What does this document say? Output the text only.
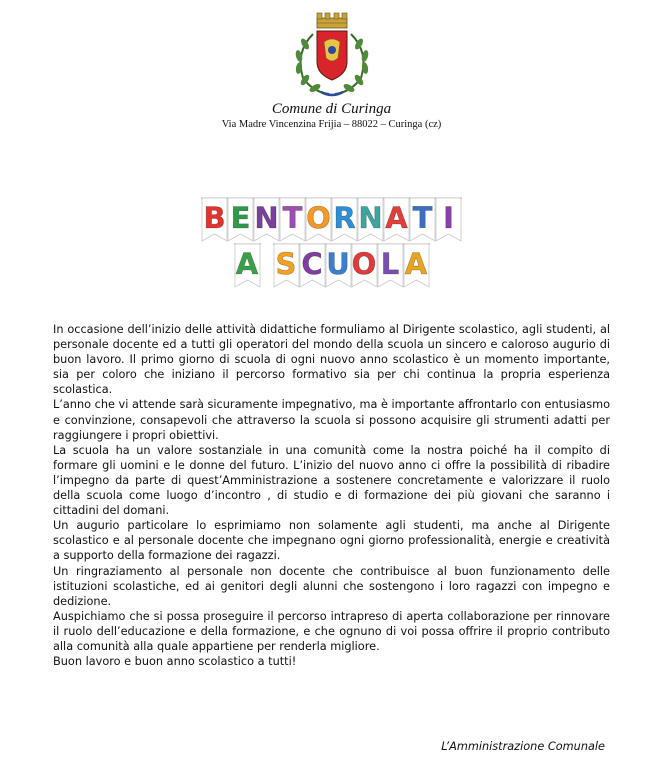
Comune di Curinga
Via Madre Vincenzina Frijia – 88022 – Curinga (cz)
B E N T O R N A T I
A S C U O L A

In occasione dell’inizio delle attività didattiche formuliamo al Dirigente scolastico, agli studenti, al personale docente ed a tutti gli operatori del mondo della scuola un sincero e caloroso augurio di buon lavoro. Il primo giorno di scuola di ogni nuovo anno scolastico è un momento importante, sia per coloro che iniziano il percorso formativo sia per chi continua la propria esperienza scolastica.

L’anno che vi attende sarà sicuramente impegnativo, ma è importante affrontarlo con entusiasmo e convinzione, consapevoli che attraverso la scuola si possono acquisire gli strumenti adatti per raggiungere i propri obiettivi.

La scuola ha un valore sostanziale in una comunità come la nostra poiché ha il compito di formare gli uomini e le donne del futuro. L’inizio del nuovo anno ci offre la possibilità di ribadire l’impegno da parte di quest’Amministrazione a sostenere concretamente e valorizzare il ruolo della scuola come luogo d’incontro , di studio e di formazione dei più giovani che saranno i cittadini del domani.

Un augurio particolare lo esprimiamo non solamente agli studenti, ma anche al Dirigente scolastico e al personale docente che impegnano ogni giorno professionalità, energie e creatività a supporto della formazione dei ragazzi.

Un ringraziamento al personale non docente che contribuisce al buon funzionamento delle istituzioni scolastiche, ed ai genitori degli alunni che sostengono i loro ragazzi con impegno e dedizione.

Auspichiamo che si possa proseguire il percorso intrapreso di aperta collaborazione per rinnovare il ruolo dell’educazione e della formazione, e che ognuno di voi possa offrire il proprio contributo alla comunità alla quale appartiene per renderla migliore.

Buon lavoro e buon anno scolastico a tutti!

L’Amministrazione Comunale
